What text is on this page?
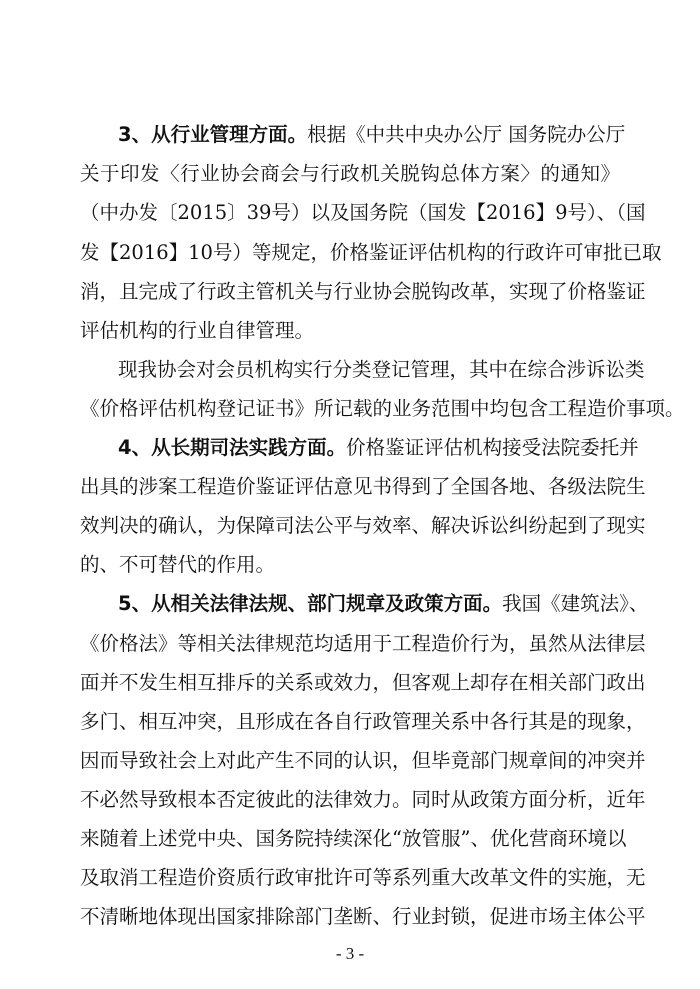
3、从行业管理方面。根据《中共中央办公厅 国务院办公厅
关于印发〈行业协会商会与行政机关脱钩总体方案〉的通知》
（中办发〔2015〕39号）以及国务院（国发【2016】9号）、（国
发【2016】10号）等规定，价格鉴证评估机构的行政许可审批已取
消，且完成了行政主管机关与行业协会脱钩改革，实现了价格鉴证
评估机构的行业自律管理。
现我协会对会员机构实行分类登记管理，其中在综合涉诉讼类
《价格评估机构登记证书》所记载的业务范围中均包含工程造价事项。
4、从长期司法实践方面。价格鉴证评估机构接受法院委托并
出具的涉案工程造价鉴证评估意见书得到了全国各地、各级法院生
效判决的确认，为保障司法公平与效率、解决诉讼纠纷起到了现实
的、不可替代的作用。
5、从相关法律法规、部门规章及政策方面。我国《建筑法》、
《价格法》等相关法律规范均适用于工程造价行为，虽然从法律层
面并不发生相互排斥的关系或效力，但客观上却存在相关部门政出
多门、相互冲突，且形成在各自行政管理关系中各行其是的现象，
因而导致社会上对此产生不同的认识，但毕竟部门规章间的冲突并
不必然导致根本否定彼此的法律效力。同时从政策方面分析，近年
来随着上述党中央、国务院持续深化“放管服”、优化营商环境以
及取消工程造价资质行政审批许可等系列重大改革文件的实施，无
不清晰地体现出国家排除部门垄断、行业封锁，促进市场主体公平
- 3 -
